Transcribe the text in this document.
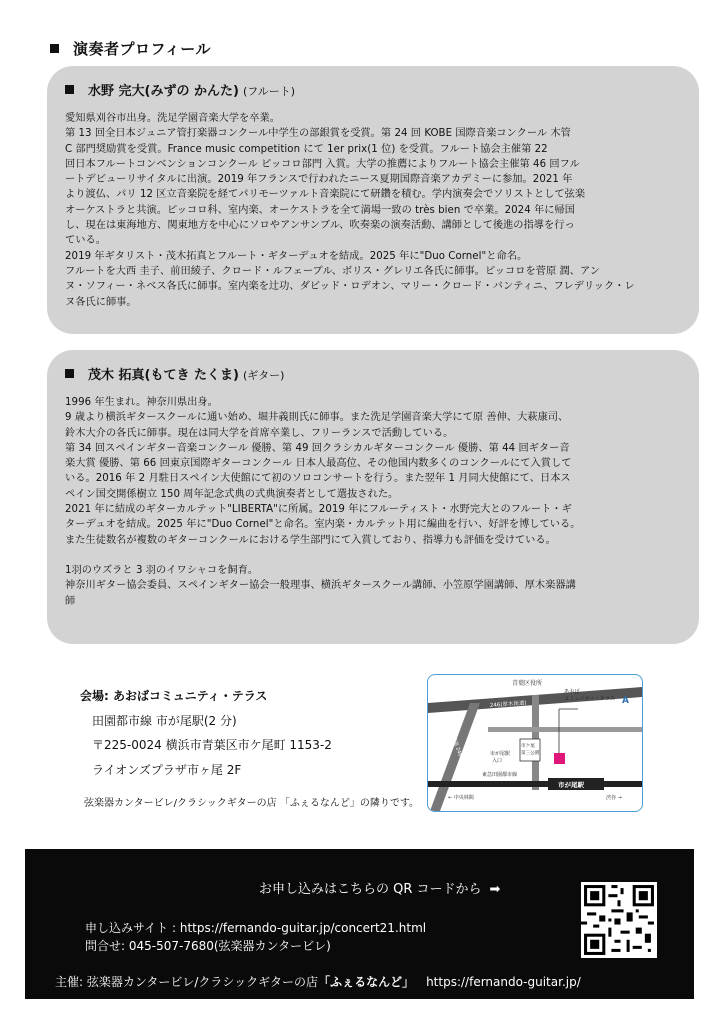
演奏者プロフィール
水野 完大(みずの かんた) (フルート)
愛知県刈谷市出身。洗足学園音楽大学を卒業。
第 13 回全日本ジュニア管打楽器コンクール中学生の部銀賞を受賞。第 24 回 KOBE 国際音楽コンクール 木管
C 部門奨励賞を受賞。France music competition にて 1er prix(1 位) を受賞。フルート協会主催第 22
回日本フルートコンベンションコンクール ピッコロ部門 入賞。大学の推薦によりフルート協会主催第 46 回フル
ートデビューリサイタルに出演。2019 年フランスで行われたニース夏期国際音楽アカデミーに参加。2021 年
より渡仏、パリ 12 区立音楽院を経てパリモーツァルト音楽院にて研鑽を積む。学内演奏会でソリストとして弦楽
オーケストラと共演。ピッコロ科、室内楽、オーケストラを全て満場一致の très bien で卒業。2024 年に帰国
し、現在は東海地方、関東地方を中心にソロやアンサンブル、吹奏楽の演奏活動、講師として後進の指導を行っ
ている。
2019 年ギタリスト・茂木拓真とフルート・ギターデュオを結成。2025 年に"Duo Cornel"と命名。
フルートを大西 圭子、前田綾子、クロード・ルフェーブル、ボリス・グレリエ各氏に師事。ピッコロを菅原 潤、アン
ヌ・ソフィー・ネベス各氏に師事。室内楽を辻功、ダビッド・ロデオン、マリー・クロード・バンティニ、フレデリック・レ
ヌ各氏に師事。
茂木 拓真(もてき たくま) (ギター)
1996 年生まれ。神奈川県出身。
9 歳より横浜ギタースクールに通い始め、堀井義則氏に師事。また洗足学園音楽大学にて原 善伸、大萩康司、
鈴木大介の各氏に師事。現在は同大学を首席卒業し、フリーランスで活動している。
第 34 回スペインギター音楽コンクール 優勝、第 49 回クラシカルギターコンクール 優勝、第 44 回ギター音
楽大賞 優勝、第 66 回東京国際ギターコンクール 日本人最高位、その他国内数多くのコンクールにて入賞して
いる。2016 年 2 月駐日スペイン大使館にて初のソロコンサートを行う。また翌年 1 月同大使館にて、日本ス
ペイン国交開係樹立 150 周年記念式典の式典演奏者として選抜された。
2021 年に結成のギターカルテット"LIBERTA"に所属。2019 年にフルーティスト・水野完大とのフルート・ギ
ターデュオを結成。2025 年に"Duo Cornel"と命名。室内楽・カルテット用に編曲を行い、好評を博している。
また生徒数名が複数のギターコンクールにおける学生部門にて入賞しており、指導力も評価を受けている。
1羽のウズラと 3 羽のイワシャコを飼育。
神奈川ギター協会委員、スペインギター協会一般理事、横浜ギタースクール講師、小笠原学園講師、厚木楽器講
師
会場: あおばコミュニティ・テラス
田園都市線 市が尾駅(2 分)
〒225-0024 横浜市青葉区市ケ尾町 1153-2
ライオンズプラザ市ヶ尾 2F
弦楽器カンタービレ/クラシックギターの店 「ふぇるなんど」の隣りです。
青葉区役所
246(厚木街道)
あおば
コミュニティ・テラス A
市ケ尾
第三公園
市が尾駅
入口
東急田園都市線
市が尾駅
← 中央林間	渋谷 →
国道 246 号
お申し込みはこちらの QR コードから ➡
申し込みサイト : https://fernando-guitar.jp/concert21.html
問合せ: 045-507-7680(弦楽器カンタービレ)
主催: 弦楽器カンタービレ/クラシックギターの店「ふぇるなんど」 https://fernando-guitar.jp/
